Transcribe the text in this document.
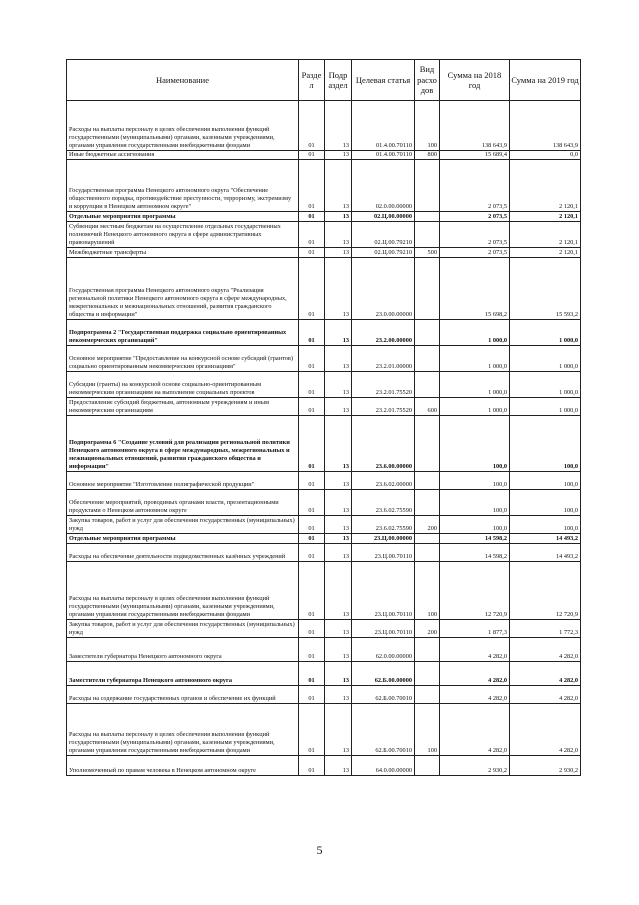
Наименование	Разде л	Подр аздел	Целевая статья	Вид расхо дов	Сумма на 2018 год	Сумма на 2019 год
Расходы на выплаты персоналу в целях обеспечения выполнения функций государственными (муниципальными) органами, казенными учреждениями, органами управления государственными внебюджетными фондами	01	13	01.4.00.70110	100	138 643,9	138 643,9
Иные бюджетные ассигнования	01	13	01.4.00.70110	800	15 689,4	0,0
Государственная программа Ненецкого автономного округа "Обеспечение общественного порядка, противодействие преступности, терроризму, экстремизму и коррупции в Ненецком автономном округе"	01	13	02.0.00.00000		2 073,5	2 120,1
Отдельные мероприятия программы	01	13	02.Ц.00.00000		2 073,5	2 120,1
Субвенции местным бюджетам на осуществление отдельных государственных полномочий Ненецкого автономного округа в сфере административных правонарушений	01	13	02.Ц.00.79210		2 073,5	2 120,1
Межбюджетные трансферты	01	13	02.Ц.00.79210	500	2 073,5	2 120,1
Государственная программа Ненецкого автономного округа "Реализация региональной политики Ненецкого автономного округа в сфере международных, межрегиональных и межнациональных отношений, развития гражданского общества и информации"	01	13	23.0.00.00000		15 698,2	15 593,2
Подпрограмма 2 "Государственная поддержка социально ориентированных некоммерческих организаций"	01	13	23.2.00.00000		1 000,0	1 000,0
Основное мероприятие "Предоставление на конкурсной основе субсидий (грантов) социально ориентированным некоммерческим организациям"	01	13	23.2.01.00000		1 000,0	1 000,0
Субсидии (гранты) на конкурсной основе социально-ориентированным некоммерческим организациям на выполнение социальных проектов	01	13	23.2.01.75520		1 000,0	1 000,0
Предоставление субсидий бюджетным, автономным учреждениям и иным некоммерческим организациям	01	13	23.2.01.75520	600	1 000,0	1 000,0
Подпрограмма 6 "Создание условий для реализации региональной политики Ненецкого автономного округа в сфере международных, межрегиональных и межнациональных отношений, развития гражданского общества и информации"	01	13	23.6.00.00000		100,0	100,0
Основное мероприятие "Изготовление полиграфической продукции"	01	13	23.6.02.00000		100,0	100,0
Обеспечение мероприятий, проводимых органами власти, презентационными продуктами о Ненецком автономном округе	01	13	23.6.02.75590		100,0	100,0
Закупка товаров, работ и услуг для обеспечения государственных (муниципальных) нужд	01	13	23.6.02.75590	200	100,0	100,0
Отдельные мероприятия программы	01	13	23.Ц.00.00000		14 598,2	14 493,2
Расходы на обеспечение деятельности подведомственных казённых учреждений	01	13	23.Ц.00.70110		14 598,2	14 493,2
Расходы на выплаты персоналу в целях обеспечения выполнения функций государственными (муниципальными) органами, казенными учреждениями, органами управления государственными внебюджетными фондами	01	13	23.Ц.00.70110	100	12 720,9	12 720,9
Закупка товаров, работ и услуг для обеспечения государственных (муниципальных) нужд	01	13	23.Ц.00.70110	200	1 877,3	1 772,3
Заместители губернатора Ненецкого автономного округа	01	13	62.0.00.00000		4 282,0	4 282,0
Заместители губернатора Ненецкого автономного округа	01	13	62.Б.00.00000		4 282,0	4 282,0
Расходы на содержание государственных органов и обеспечение их функций	01	13	62.Б.00.70010		4 282,0	4 282,0
Расходы на выплаты персоналу в целях обеспечения выполнения функций государственными (муниципальными) органами, казенными учреждениями, органами управления государственными внебюджетными фондами	01	13	62.Б.00.70010	100	4 282,0	4 282,0
Уполномоченный по правам человека в Ненецком автономном округе	01	13	64.0.00.00000		2 930,2	2 930,2
5
